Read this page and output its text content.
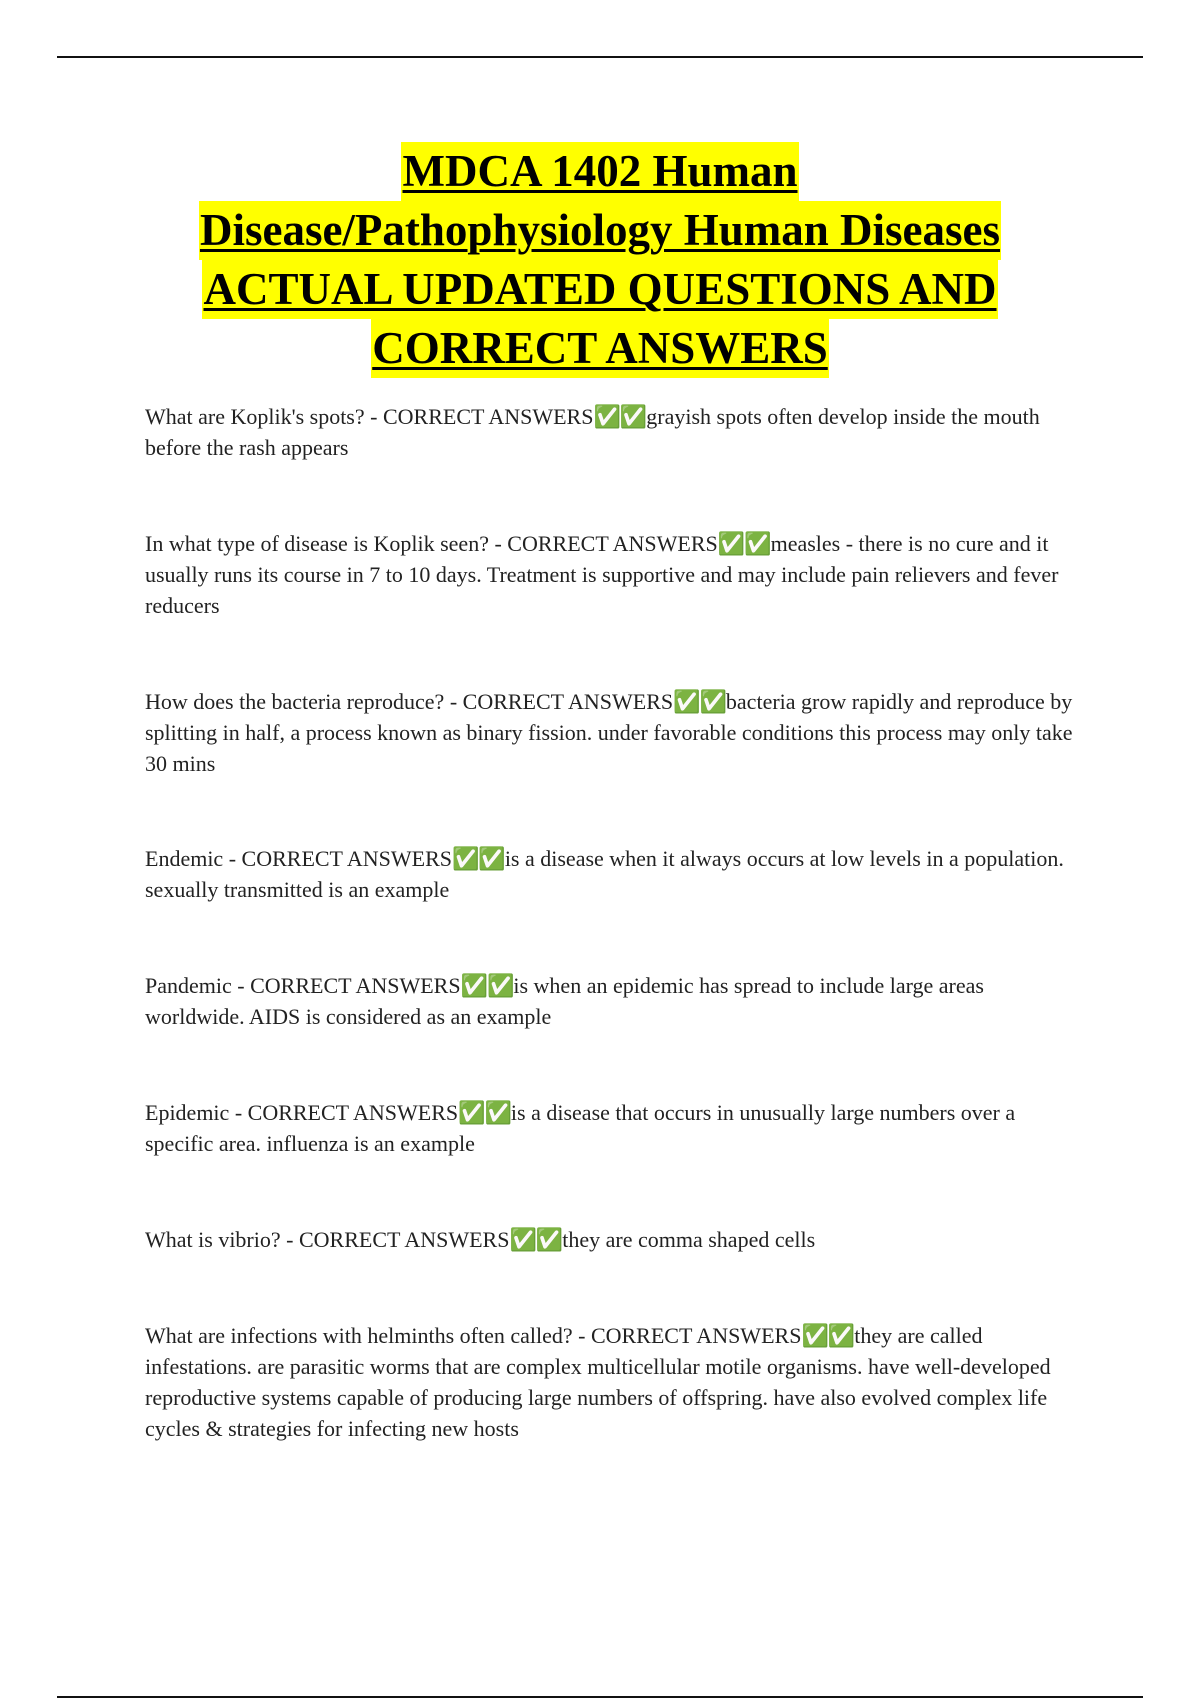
MDCA 1402 Human
Disease/Pathophysiology Human Diseases
ACTUAL UPDATED QUESTIONS AND
CORRECT ANSWERS

What are Koplik's spots? - CORRECT ANSWERS✅✅grayish spots often develop inside the mouth before the rash appears

In what type of disease is Koplik seen? - CORRECT ANSWERS✅✅measles - there is no cure and it usually runs its course in 7 to 10 days. Treatment is supportive and may include pain relievers and fever reducers

How does the bacteria reproduce? - CORRECT ANSWERS✅✅bacteria grow rapidly and reproduce by splitting in half, a process known as binary fission. under favorable conditions this process may only take 30 mins

Endemic - CORRECT ANSWERS✅✅is a disease when it always occurs at low levels in a population. sexually transmitted is an example

Pandemic - CORRECT ANSWERS✅✅is when an epidemic has spread to include large areas worldwide. AIDS is considered as an example

Epidemic - CORRECT ANSWERS✅✅is a disease that occurs in unusually large numbers over a specific area. influenza is an example

What is vibrio? - CORRECT ANSWERS✅✅they are comma shaped cells

What are infections with helminths often called? - CORRECT ANSWERS✅✅they are called infestations. are parasitic worms that are complex multicellular motile organisms. have well-developed reproductive systems capable of producing large numbers of offspring. have also evolved complex life cycles & strategies for infecting new hosts
